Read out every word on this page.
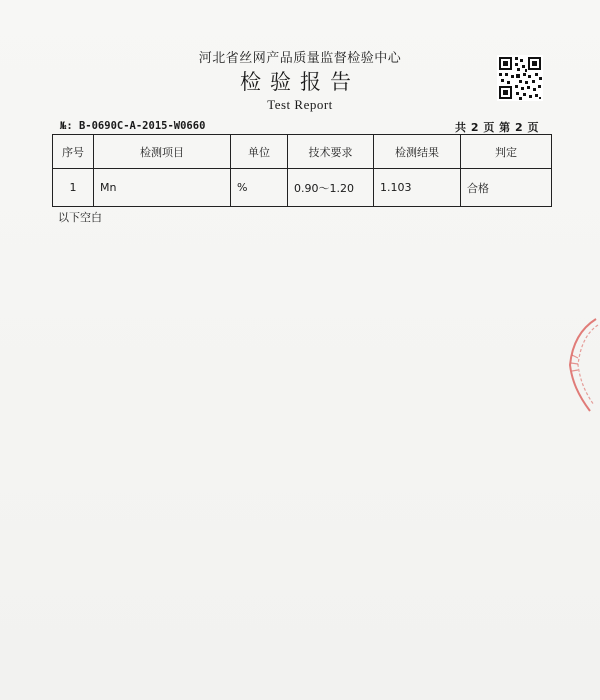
河北省丝网产品质量监督检验中心
检验报告
Test Report
№: B-0690C-A-2015-W0660	共 2 页 第 2 页
序号	检测项目	单位	技术要求	检测结果	判定
1	Mn	%	0.90～1.20	1.103	合格
以下空白
